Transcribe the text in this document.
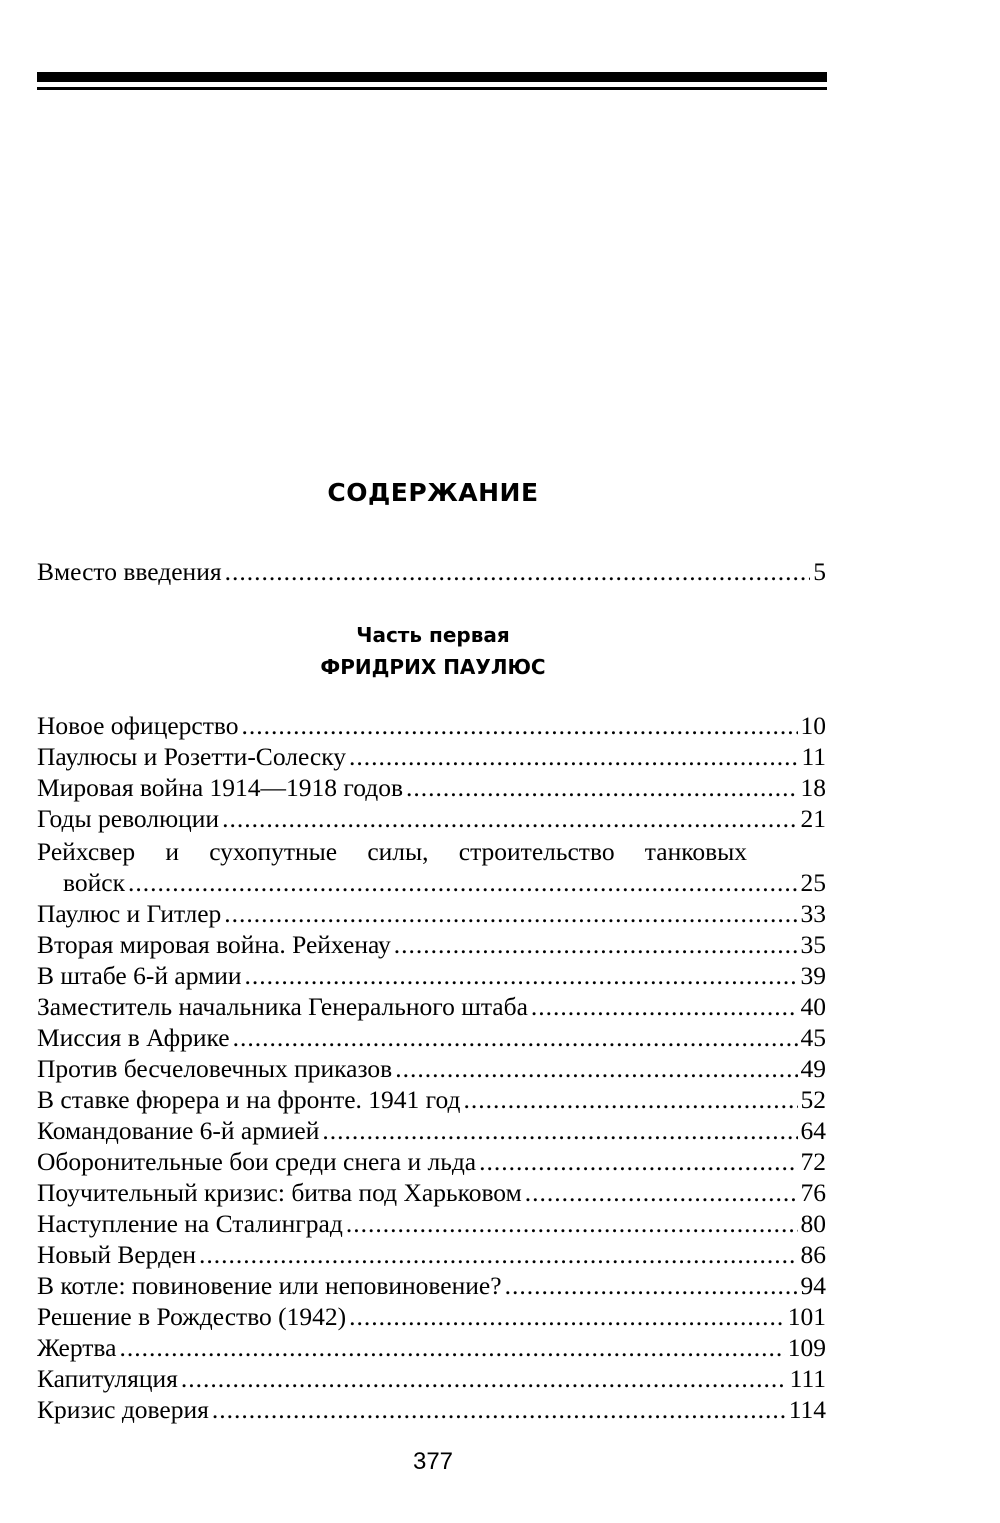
СОДЕРЖАНИЕ
Вместо введения .....	5
Часть первая
ФРИДРИХ ПАУЛЮС
Новое офицерство .....	10
Паулюсы и Розетти-Солеску .....	11
Мировая война 1914—1918 годов .....	18
Годы революции .....	21
Рейхсвер и сухопутные силы, строительство танковых
войск .....	25
Паулюс и Гитлер .....	33
Вторая мировая война. Рейхенау .....	35
В штабе 6-й армии .....	39
Заместитель начальника Генерального штаба .....	40
Миссия в Африке .....	45
Против бесчеловечных приказов .....	49
В ставке фюрера и на фронте. 1941 год .....	52
Командование 6-й армией .....	64
Оборонительные бои среди снега и льда .....	72
Поучительный кризис: битва под Харьковом .....	76
Наступление на Сталинград .....	80
Новый Верден .....	86
В котле: повиновение или неповиновение? .....	94
Решение в Рождество (1942) .....	101
Жертва .....	109
Капитуляция .....	111
Кризис доверия .....	114
377
